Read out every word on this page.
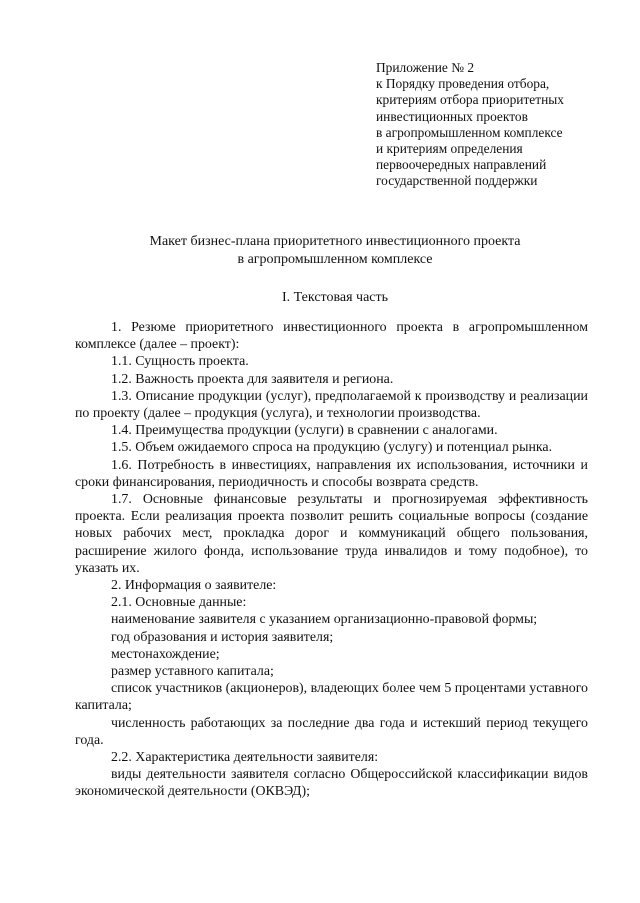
Приложение № 2
к Порядку проведения отбора,
критериям отбора приоритетных
инвестиционных проектов
в агропромышленном комплексе
и критериям определения
первоочередных направлений
государственной поддержки
Макет бизнес-плана приоритетного инвестиционного проекта
в агропромышленном комплексе
I. Текстовая часть

1. Резюме приоритетного инвестиционного проекта в агропромышленном комплексе (далее – проект):

1.1. Сущность проекта.

1.2. Важность проекта для заявителя и региона.

1.3. Описание продукции (услуг), предполагаемой к производству и реализации по проекту (далее – продукция (услуга), и технологии производства.

1.4. Преимущества продукции (услуги) в сравнении с аналогами.

1.5. Объем ожидаемого спроса на продукцию (услугу) и потенциал рынка.

1.6. Потребность в инвестициях, направления их использования, источники и сроки финансирования, периодичность и способы возврата средств.

1.7. Основные финансовые результаты и прогнозируемая эффективность проекта. Если реализация проекта позволит решить социальные вопросы (создание новых рабочих мест, прокладка дорог и коммуникаций общего пользования, расширение жилого фонда, использование труда инвалидов и тому подобное), то указать их.

2. Информация о заявителе:

2.1. Основные данные:

наименование заявителя с указанием организационно-правовой формы;

год образования и история заявителя;

местонахождение;

размер уставного капитала;

список участников (акционеров), владеющих более чем 5 процентами уставного капитала;

численность работающих за последние два года и истекший период текущего года.

2.2. Характеристика деятельности заявителя:

виды деятельности заявителя согласно Общероссийской классификации видов экономической деятельности (ОКВЭД);
